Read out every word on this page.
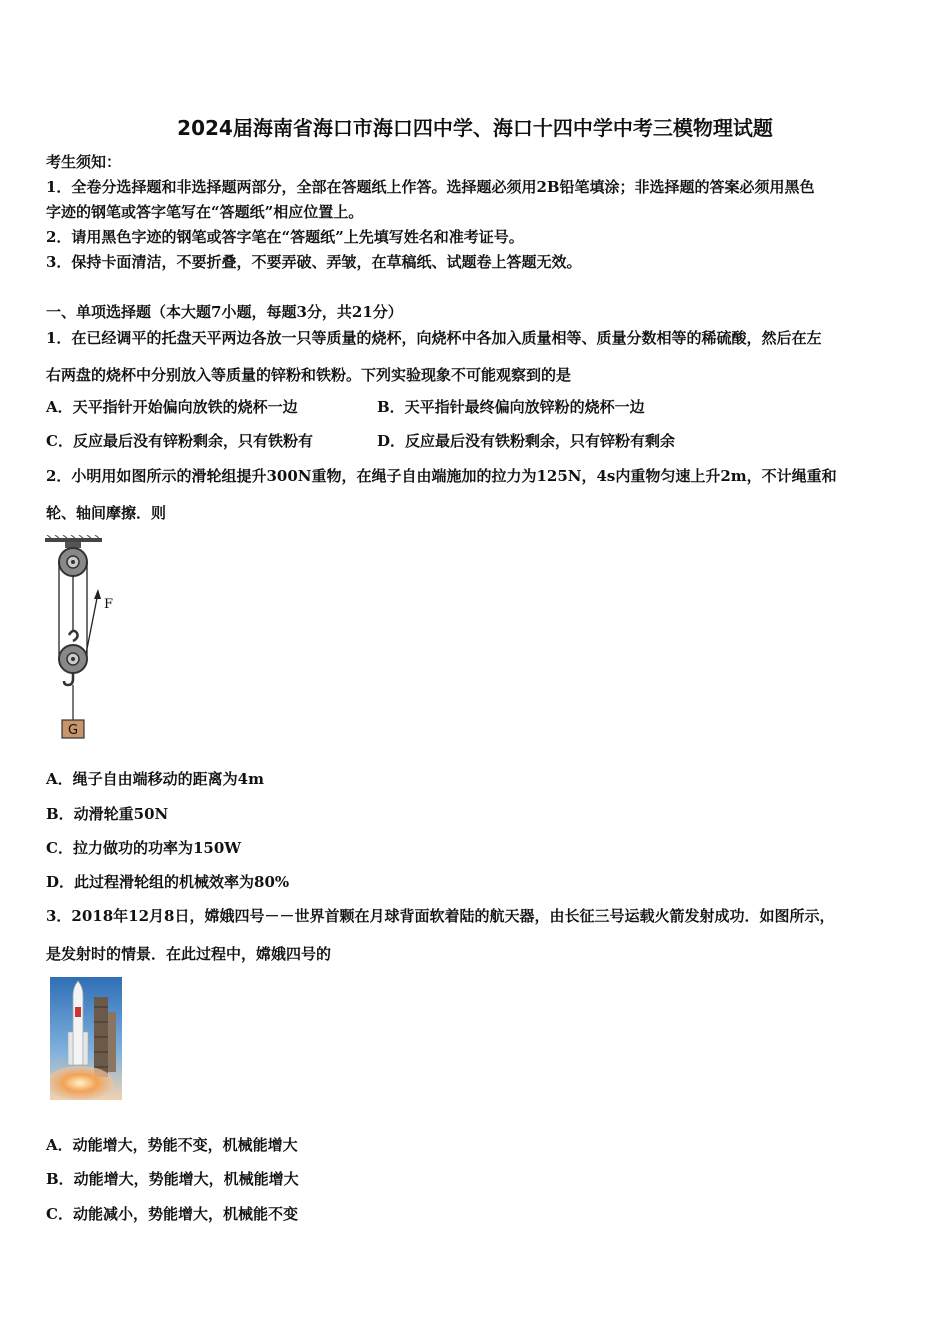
2024届海南省海口市海口四中学、海口十四中学中考三模物理试题
考生须知：
1．全卷分选择题和非选择题两部分，全部在答题纸上作答。选择题必须用2B铅笔填涂；非选择题的答案必须用黑色
字迹的钢笔或答字笔写在“答题纸”相应位置上。
2．请用黑色字迹的钢笔或答字笔在“答题纸”上先填写姓名和准考证号。
3．保持卡面清洁，不要折叠，不要弄破、弄皱，在草稿纸、试题卷上答题无效。
一、单项选择题（本大题7小题，每题3分，共21分）
1．在已经调平的托盘天平两边各放一只等质量的烧杯，向烧杯中各加入质量相等、质量分数相等的稀硫酸，然后在左
右两盘的烧杯中分别放入等质量的锌粉和铁粉。下列实验现象不可能观察到的是
A．天平指针开始偏向放铁的烧杯一边	B．天平指针最终偏向放锌粉的烧杯一边
C．反应最后没有锌粉剩余，只有铁粉有	D．反应最后没有铁粉剩余，只有锌粉有剩余
2．小明用如图所示的滑轮组提升300N重物，在绳子自由端施加的拉力为125N，4s内重物匀速上升2m，不计绳重和
轮、轴间摩擦．则
F
G
A．绳子自由端移动的距离为4m
B．动滑轮重50N
C．拉力做功的功率为150W
D．此过程滑轮组的机械效率为80%
3．2018年12月8日，嫦娥四号－－世界首颗在月球背面软着陆的航天器，由长征三号运载火箭发射成功．如图所示，
是发射时的情景．在此过程中，嫦娥四号的
A．动能增大，势能不变，机械能增大
B．动能增大，势能增大，机械能增大
C．动能减小，势能增大，机械能不变
